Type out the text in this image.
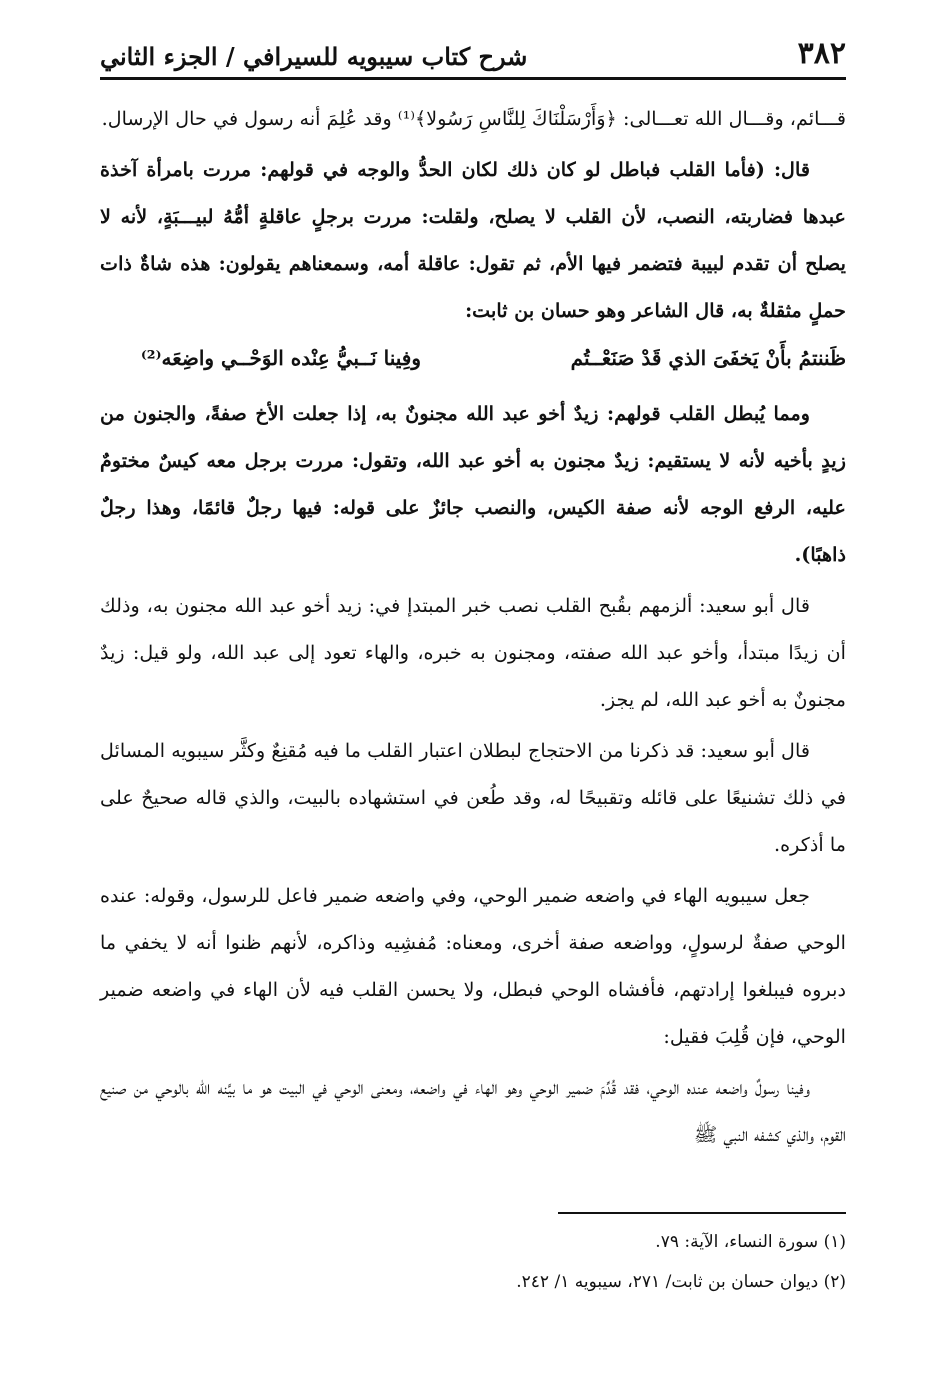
٣٨٢
شرح كتاب سيبويه للسيرافي / الجزء الثاني

قـــائم، وقـــال الله تعـــالى: ﴿وَأَرْسَلْنَاكَ لِلنَّاسِ رَسُولا﴾⁽¹⁾ وقد عُلِمَ أنه رسول في حال الإرسال.

قال: (فأما القلب فباطل لو كان ذلك لكان الحدُّ والوجه في قولهم: مررت بامرأة آخذة عبدها فضاربته، النصب، لأن القلب لا يصلح، ولقلت: مررت برجلٍ عاقلةٍ أمُّهُ لبيـــبَةٍ، لأنه لا يصلح أن تقدم لبيبة فتضمر فيها الأم، ثم تقول: عاقلة أمه، وسمعناهم يقولون: هذه شاةٌ ذات حملٍ مثقلةٌ به، قال الشاعر وهو حسان بن ثابت:

ظَننتمُ بأَنْ يَخفَىَ الذي قَدْ صَنَعْــتُم
وفِينا نَــبيُّ عِنْده الوَحْــي واضِعَه⁽²⁾

ومما يُبطل القلب قولهم: زيدٌ أخو عبد الله مجنونٌ به، إذا جعلت الأخ صفةً، والجنون من زيدٍ بأخيه لأنه لا يستقيم: زيدٌ مجنون به أخو عبد الله، وتقول: مررت برجل معه كيسٌ مختومٌ عليه، الرفع الوجه لأنه صفة الكيس، والنصب جائزٌ على قوله: فيها رجلٌ قائمًا، وهذا رجلٌ ذاهبًا).

قال أبو سعيد: ألزمهم بقُبح القلب نصب خبر المبتدإ في: زيد أخو عبد الله مجنون به، وذلك أن زيدًا مبتدأ، وأخو عبد الله صفته، ومجنون به خبره، والهاء تعود إلى عبد الله، ولو قيل: زيدٌ مجنونٌ به أخو عبد الله، لم يجز.

قال أبو سعيد: قد ذكرنا من الاحتجاج لبطلان اعتبار القلب ما فيه مُقنِعٌ وكثَّر سيبويه المسائل في ذلك تشنيعًا على قائله وتقبيحًا له، وقد طُعن في استشهاده بالبيت، والذي قاله صحيحٌ على ما أذكره.

جعل سيبويه الهاء في واضعه ضمير الوحي، وفي واضعه ضمير فاعل للرسول، وقوله: عنده الوحي صفةٌ لرسولٍ، وواضعه صفة أخرى، ومعناه: مُفشِيه وذاكره، لأنهم ظنوا أنه لا يخفي ما دبروه فيبلغوا إرادتهم، فأفشاه الوحي فبطل، ولا يحسن القلب فيه لأن الهاء في واضعه ضمير الوحي، فإن قُلِبَ فقيل:

وفينا رسولٌ واضعه عنده الوحي، فقد قُدِّمَ ضمير الوحي وهو الهاء في واضعه، ومعنى الوحي في البيت هو ما بيَّنه الله بالوحي من صنيع القوم، والذي كشفه النبي ﷺ

(١) سورة النساء، الآية: ٧٩.
(٢) ديوان حسان بن ثابت/ ٢٧١، سيبويه ١/ ٢٤٢.
